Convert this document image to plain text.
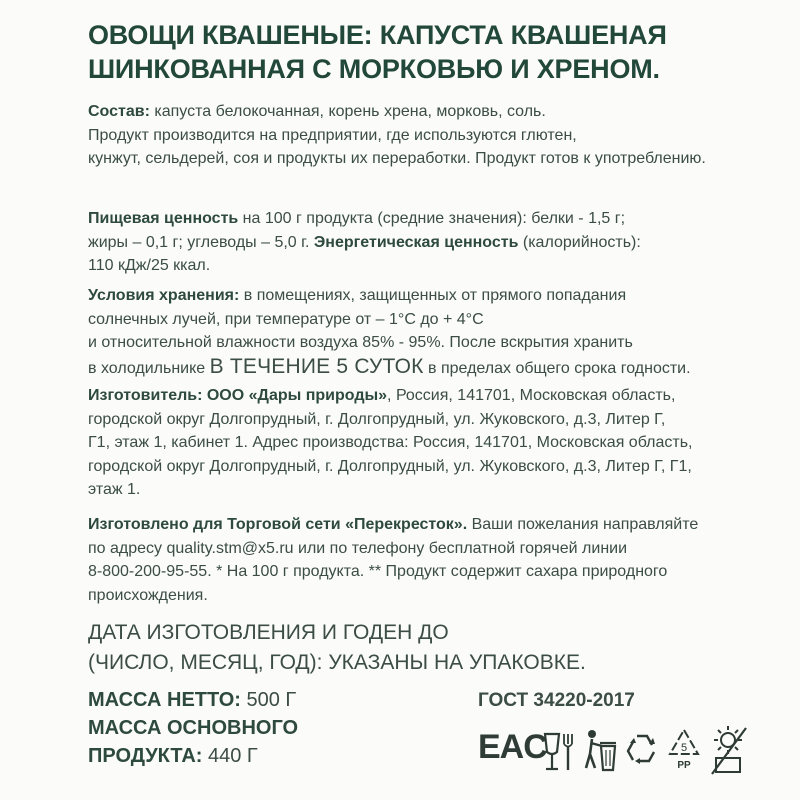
ОВОЩИ КВАШЕНЫЕ: КАПУСТА КВАШЕНАЯ
ШИНКОВАННАЯ С МОРКОВЬЮ И ХРЕНОМ.
Состав: капуста белокочанная, корень хрена, морковь, соль.
Продукт производится на предприятии, где используются глютен,
кунжут, сельдерей, соя и продукты их переработки. Продукт готов к употреблению.
Пищевая ценность на 100 г продукта (средние значения): белки - 1,5 г;
жиры – 0,1 г; углеводы – 5,0 г. Энергетическая ценность (калорийность):
110 кДж/25 ккал.
Условия хранения: в помещениях, защищенных от прямого попадания
солнечных лучей, при температуре от – 1°С до + 4°С
и относительной влажности воздуха 85% - 95%. После вскрытия хранить
в холодильнике В ТЕЧЕНИЕ 5 СУТОК в пределах общего срока годности.
Изготовитель: ООО «Дары природы», Россия, 141701, Московская область,
городской округ Долгопрудный, г. Долгопрудный, ул. Жуковского, д.3, Литер Г,
Г1, этаж 1, кабинет 1. Адрес производства: Россия, 141701, Московская область,
городской округ Долгопрудный, г. Долгопрудный, ул. Жуковского, д.3, Литер Г, Г1,
этаж 1.
Изготовлено для Торговой сети «Перекресток». Ваши пожелания направляйте
по адресу quality.stm@x5.ru или по телефону бесплатной горячей линии
8-800-200-95-55. * На 100 г продукта. ** Продукт содержит сахара природного
происхождения.
ДАТА ИЗГОТОВЛЕНИЯ И ГОДЕН ДО
(ЧИСЛО, МЕСЯЦ, ГОД): УКАЗАНЫ НА УПАКОВКЕ.
МАССА НЕТТО: 500 Г
МАССА ОСНОВНОГО
ПРОДУКТА: 440 Г
ГОСТ 34220-2017
EAC	5
PP
